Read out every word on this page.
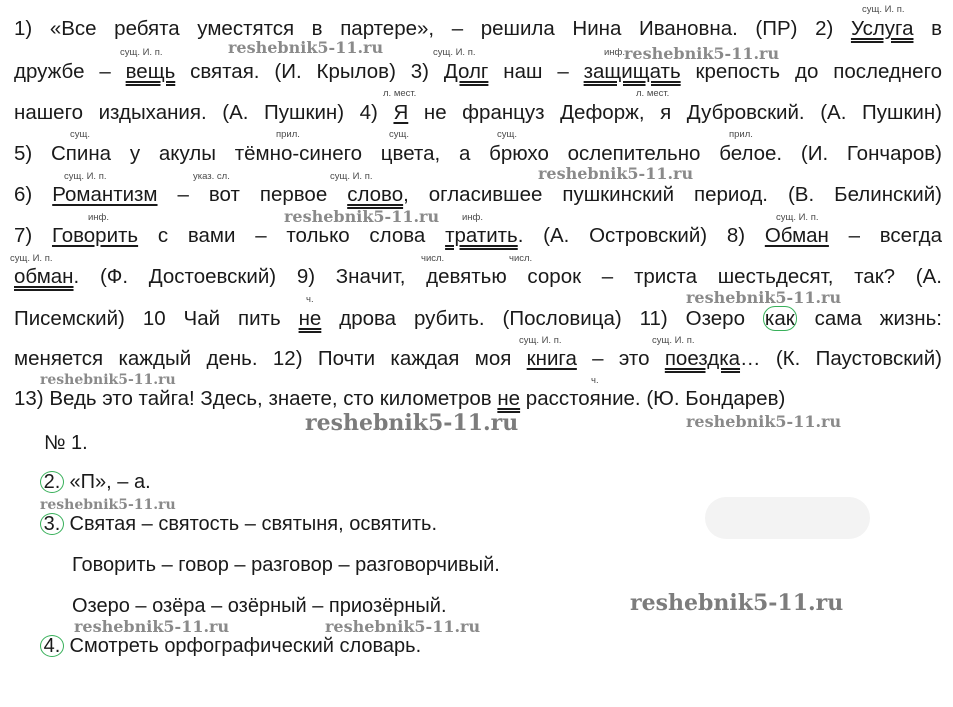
1) «Все ребята уместятся в партере», – решила Нина Ивановна. (ПР) 2) Услуга в
дружбе – вещь святая. (И. Крылов) 3) Долг наш – защищать крепость до последнего
нашего издыхания. (А. Пушкин) 4) Я не француз Дефорж, я Дубровский. (А. Пушкин)
5) Спина у акулы тёмно-синего цвета, а брюхо ослепительно белое. (И. Гончаров)
6) Романтизм – вот первое слово, огласившее пушкинский период. (В. Белинский)
7) Говорить с вами – только слова тратить. (А. Островский) 8) Обман – всегда
обман. (Ф. Достоевский) 9) Значит, девятью сорок – триста шестьдесят, так? (А.
Писемский) 10 Чай пить не дрова рубить. (Пословица) 11) Озеро как сама жизнь:
меняется каждый день. 12) Почти каждая моя книга – это поездка… (К. Паустовский)
13) Ведь это тайга! Здесь, знаете, сто километров не расстояние. (Ю. Бондарев)
сущ. И. п.
сущ. И. п.	сущ. И. п.	инф.
л. мест.	л. мест.
сущ.	прил.	сущ.	сущ.	прил.
сущ. И. п.	указ. сл.	сущ. И. п.
инф.	инф.	сущ. И. п.
сущ. И. п.	числ.	числ.
ч.
сущ. И. п.	сущ. И. п.
ч.
reshebnik5-11.ru	reshebnik5-11.ru
reshebnik5-11.ru
reshebnik5-11.ru
reshebnik5-11.ru
reshebnik5-11.ru
reshebnik5-11.ru	reshebnik5-11.ru
reshebnik5-11.ru
reshebnik5-11.ru
reshebnik5-11.ru	reshebnik5-11.ru
№ 1.
2. «П», – а.
3. Святая – святость – святыня, освятить.
Говорить – говор – разговор – разговорчивый.
Озеро – озёра – озёрный – приозёрный.
4. Смотреть орфографический словарь.
